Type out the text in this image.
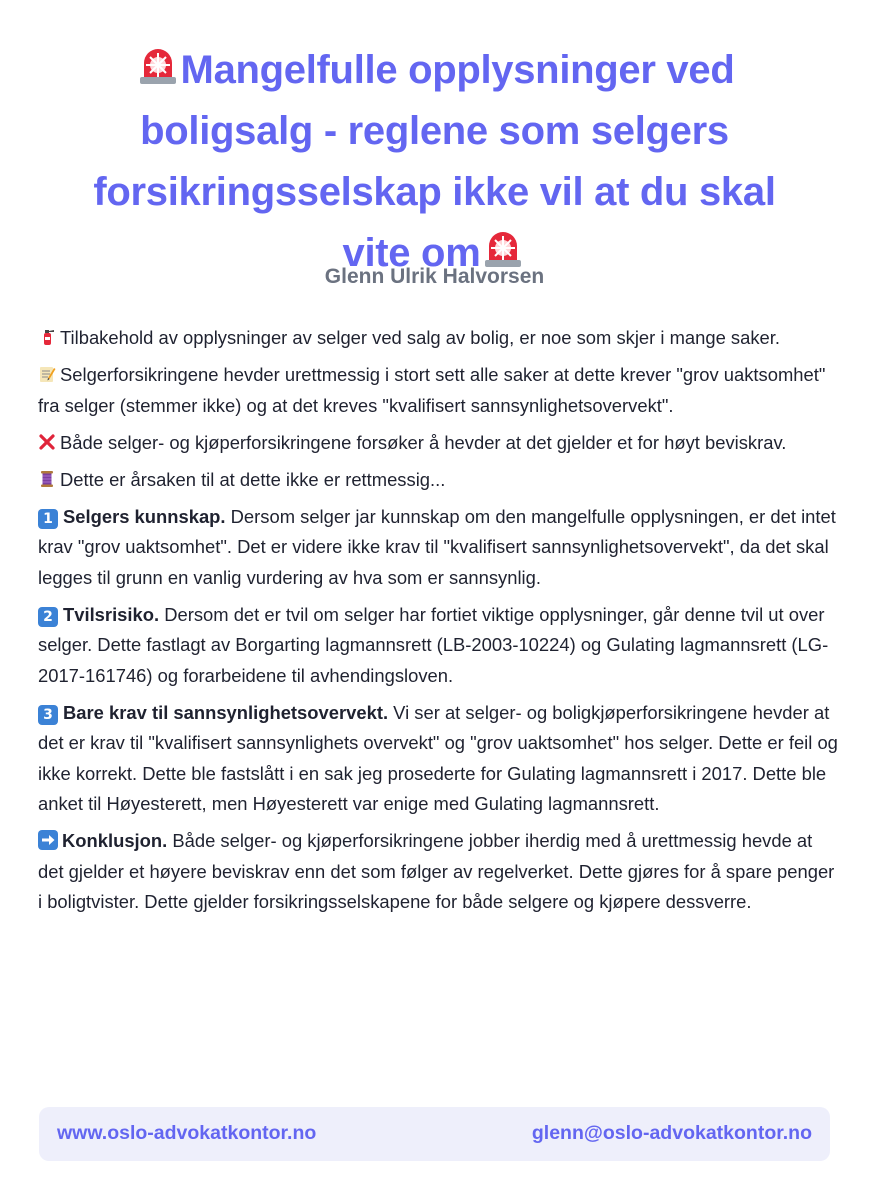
Mangelfulle opplysninger ved
boligsalg - reglene som selgers
forsikringsselskap ikke vil at du skal
vite om
Glenn Ulrik Halvorsen

Tilbakehold av opplysninger av selger ved salg av bolig, er noe som skjer i mange saker.

Selgerforsikringene hevder urettmessig i stort sett alle saker at dette krever "grov uaktsomhet" fra selger (stemmer ikke) og at det kreves "kvalifisert sannsynlighetsovervekt".

Både selger- og kjøperforsikringene forsøker å hevder at det gjelder et for høyt beviskrav.

Dette er årsaken til at dette ikke er rettmessig...

1 Selgers kunnskap. Dersom selger jar kunnskap om den mangelfulle opplysningen, er det intet krav "grov uaktsomhet". Det er videre ikke krav til "kvalifisert sannsynlighetsovervekt", da det skal legges til grunn en vanlig vurdering av hva som er sannsynlig.

2 Tvilsrisiko. Dersom det er tvil om selger har fortiet viktige opplysninger, går denne tvil ut over selger. Dette fastlagt av Borgarting lagmannsrett (LB-2003-10224) og Gulating lagmannsrett (LG-2017-161746) og forarbeidene til avhendingsloven.

3 Bare krav til sannsynlighetsovervekt. Vi ser at selger- og boligkjøperforsikringene hevder at det er krav til "kvalifisert sannsynlighets overvekt" og "grov uaktsomhet" hos selger. Dette er feil og ikke korrekt. Dette ble fastslått i en sak jeg prosederte for Gulating lagmannsrett i 2017. Dette ble anket til Høyesterett, men Høyesterett var enige med Gulating lagmannsrett.

Konklusjon. Både selger- og kjøperforsikringene jobber iherdig med å urettmessig hevde at det gjelder et høyere beviskrav enn det som følger av regelverket. Dette gjøres for å spare penger i boligtvister. Dette gjelder forsikringsselskapene for både selgere og kjøpere dessverre.

www.oslo-advokatkontor.no	glenn@oslo-advokatkontor.no
